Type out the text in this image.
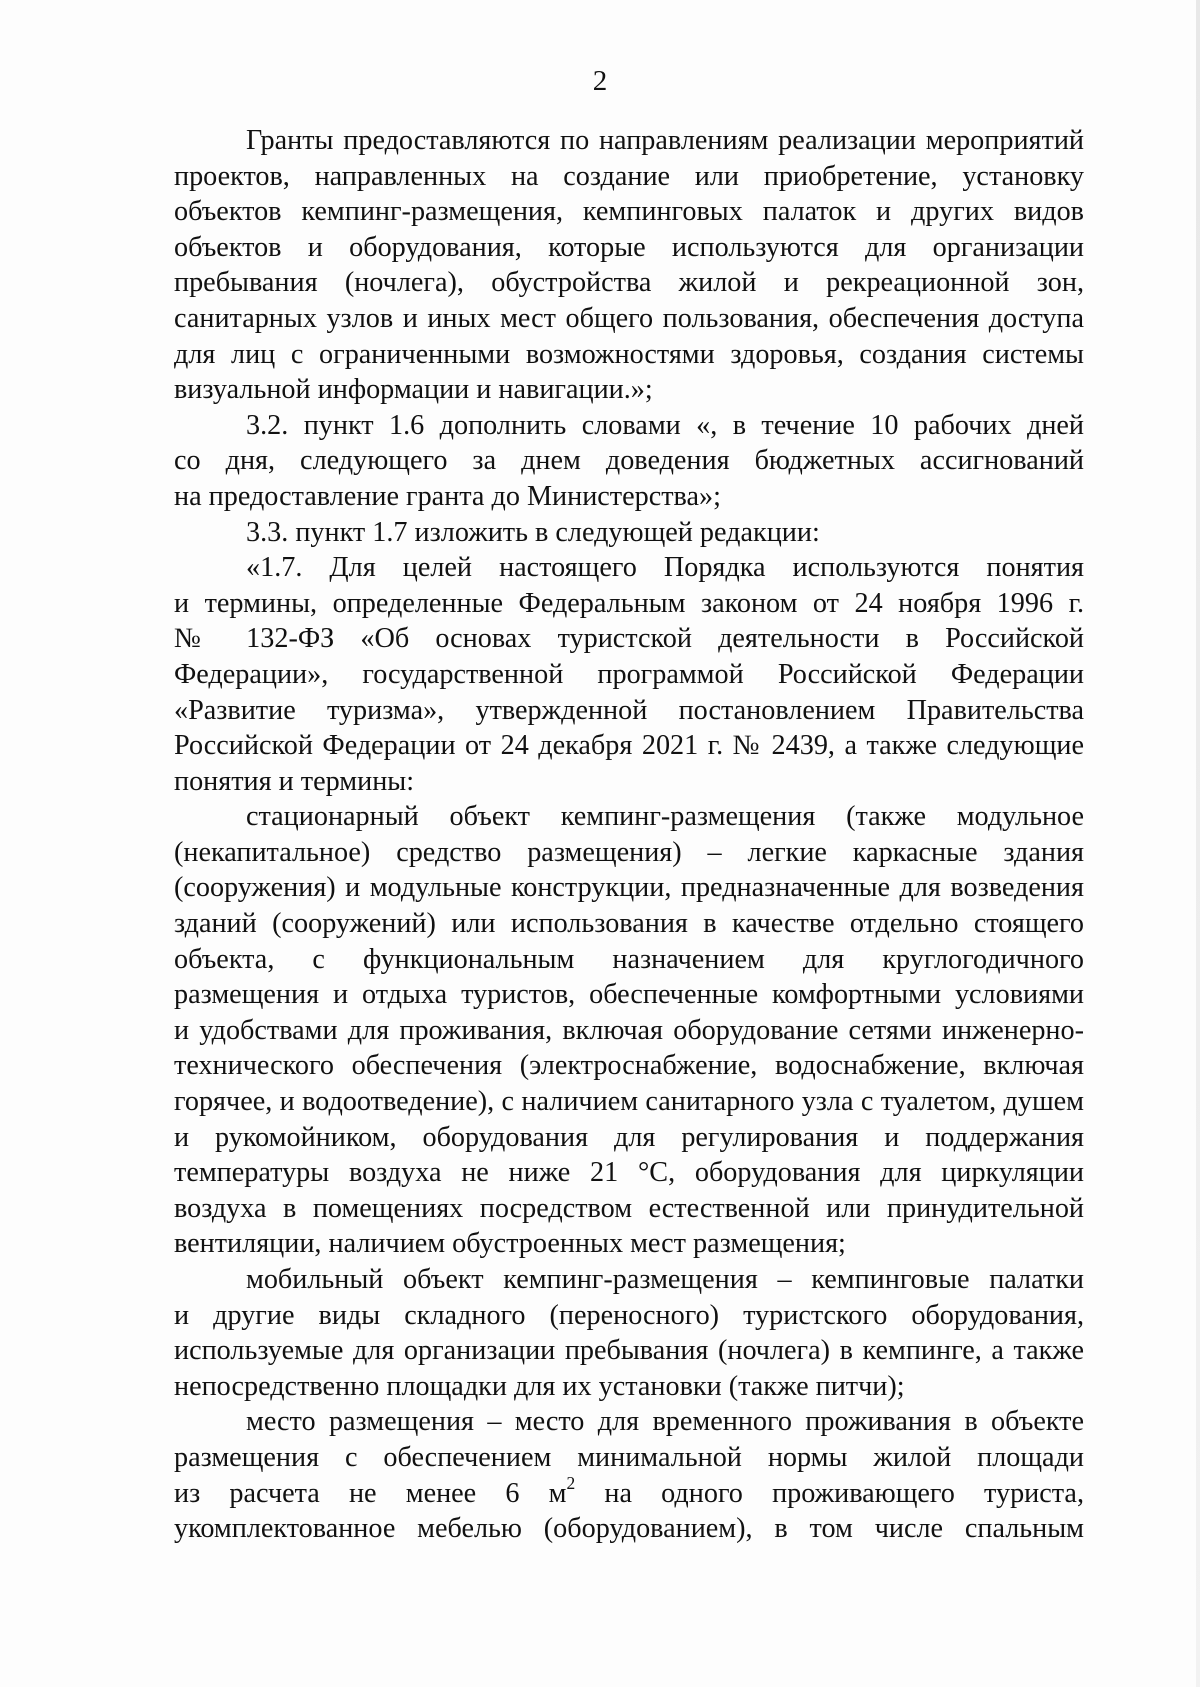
2
Гранты предоставляются по направлениям реализации мероприятий
проектов, направленных на создание или приобретение, установку
объектов кемпинг-размещения, кемпинговых палаток и других видов
объектов и оборудования, которые используются для организации
пребывания (ночлега), обустройства жилой и рекреационной зон,
санитарных узлов и иных мест общего пользования, обеспечения доступа
для лиц с ограниченными возможностями здоровья, создания системы
визуальной информации и навигации.»;
3.2. пункт 1.6 дополнить словами «, в течение 10 рабочих дней
со дня, следующего за днем доведения бюджетных ассигнований
на предоставление гранта до Министерства»;
3.3. пункт 1.7 изложить в следующей редакции:
«1.7. Для целей настоящего Порядка используются понятия
и термины, определенные Федеральным законом от 24 ноября 1996 г.
№ 132-ФЗ «Об основах туристской деятельности в Российской
Федерации», государственной программой Российской Федерации
«Развитие туризма», утвержденной постановлением Правительства
Российской Федерации от 24 декабря 2021 г. № 2439, а также следующие
понятия и термины:
стационарный объект кемпинг-размещения (также модульное
(некапитальное) средство размещения) – легкие каркасные здания
(сооружения) и модульные конструкции, предназначенные для возведения
зданий (сооружений) или использования в качестве отдельно стоящего
объекта, с функциональным назначением для круглогодичного
размещения и отдыха туристов, обеспеченные комфортными условиями
и удобствами для проживания, включая оборудование сетями инженерно-
технического обеспечения (электроснабжение, водоснабжение, включая
горячее, и водоотведение), с наличием санитарного узла с туалетом, душем
и рукомойником, оборудования для регулирования и поддержания
температуры воздуха не ниже 21 °С, оборудования для циркуляции
воздуха в помещениях посредством естественной или принудительной
вентиляции, наличием обустроенных мест размещения;
мобильный объект кемпинг-размещения – кемпинговые палатки
и другие виды складного (переносного) туристского оборудования,
используемые для организации пребывания (ночлега) в кемпинге, а также
непосредственно площадки для их установки (также питчи);
место размещения – место для временного проживания в объекте
размещения с обеспечением минимальной нормы жилой площади
из расчета не менее 6 $м^2$ на одного проживающего туриста,
укомплектованное мебелью (оборудованием), в том числе спальным
